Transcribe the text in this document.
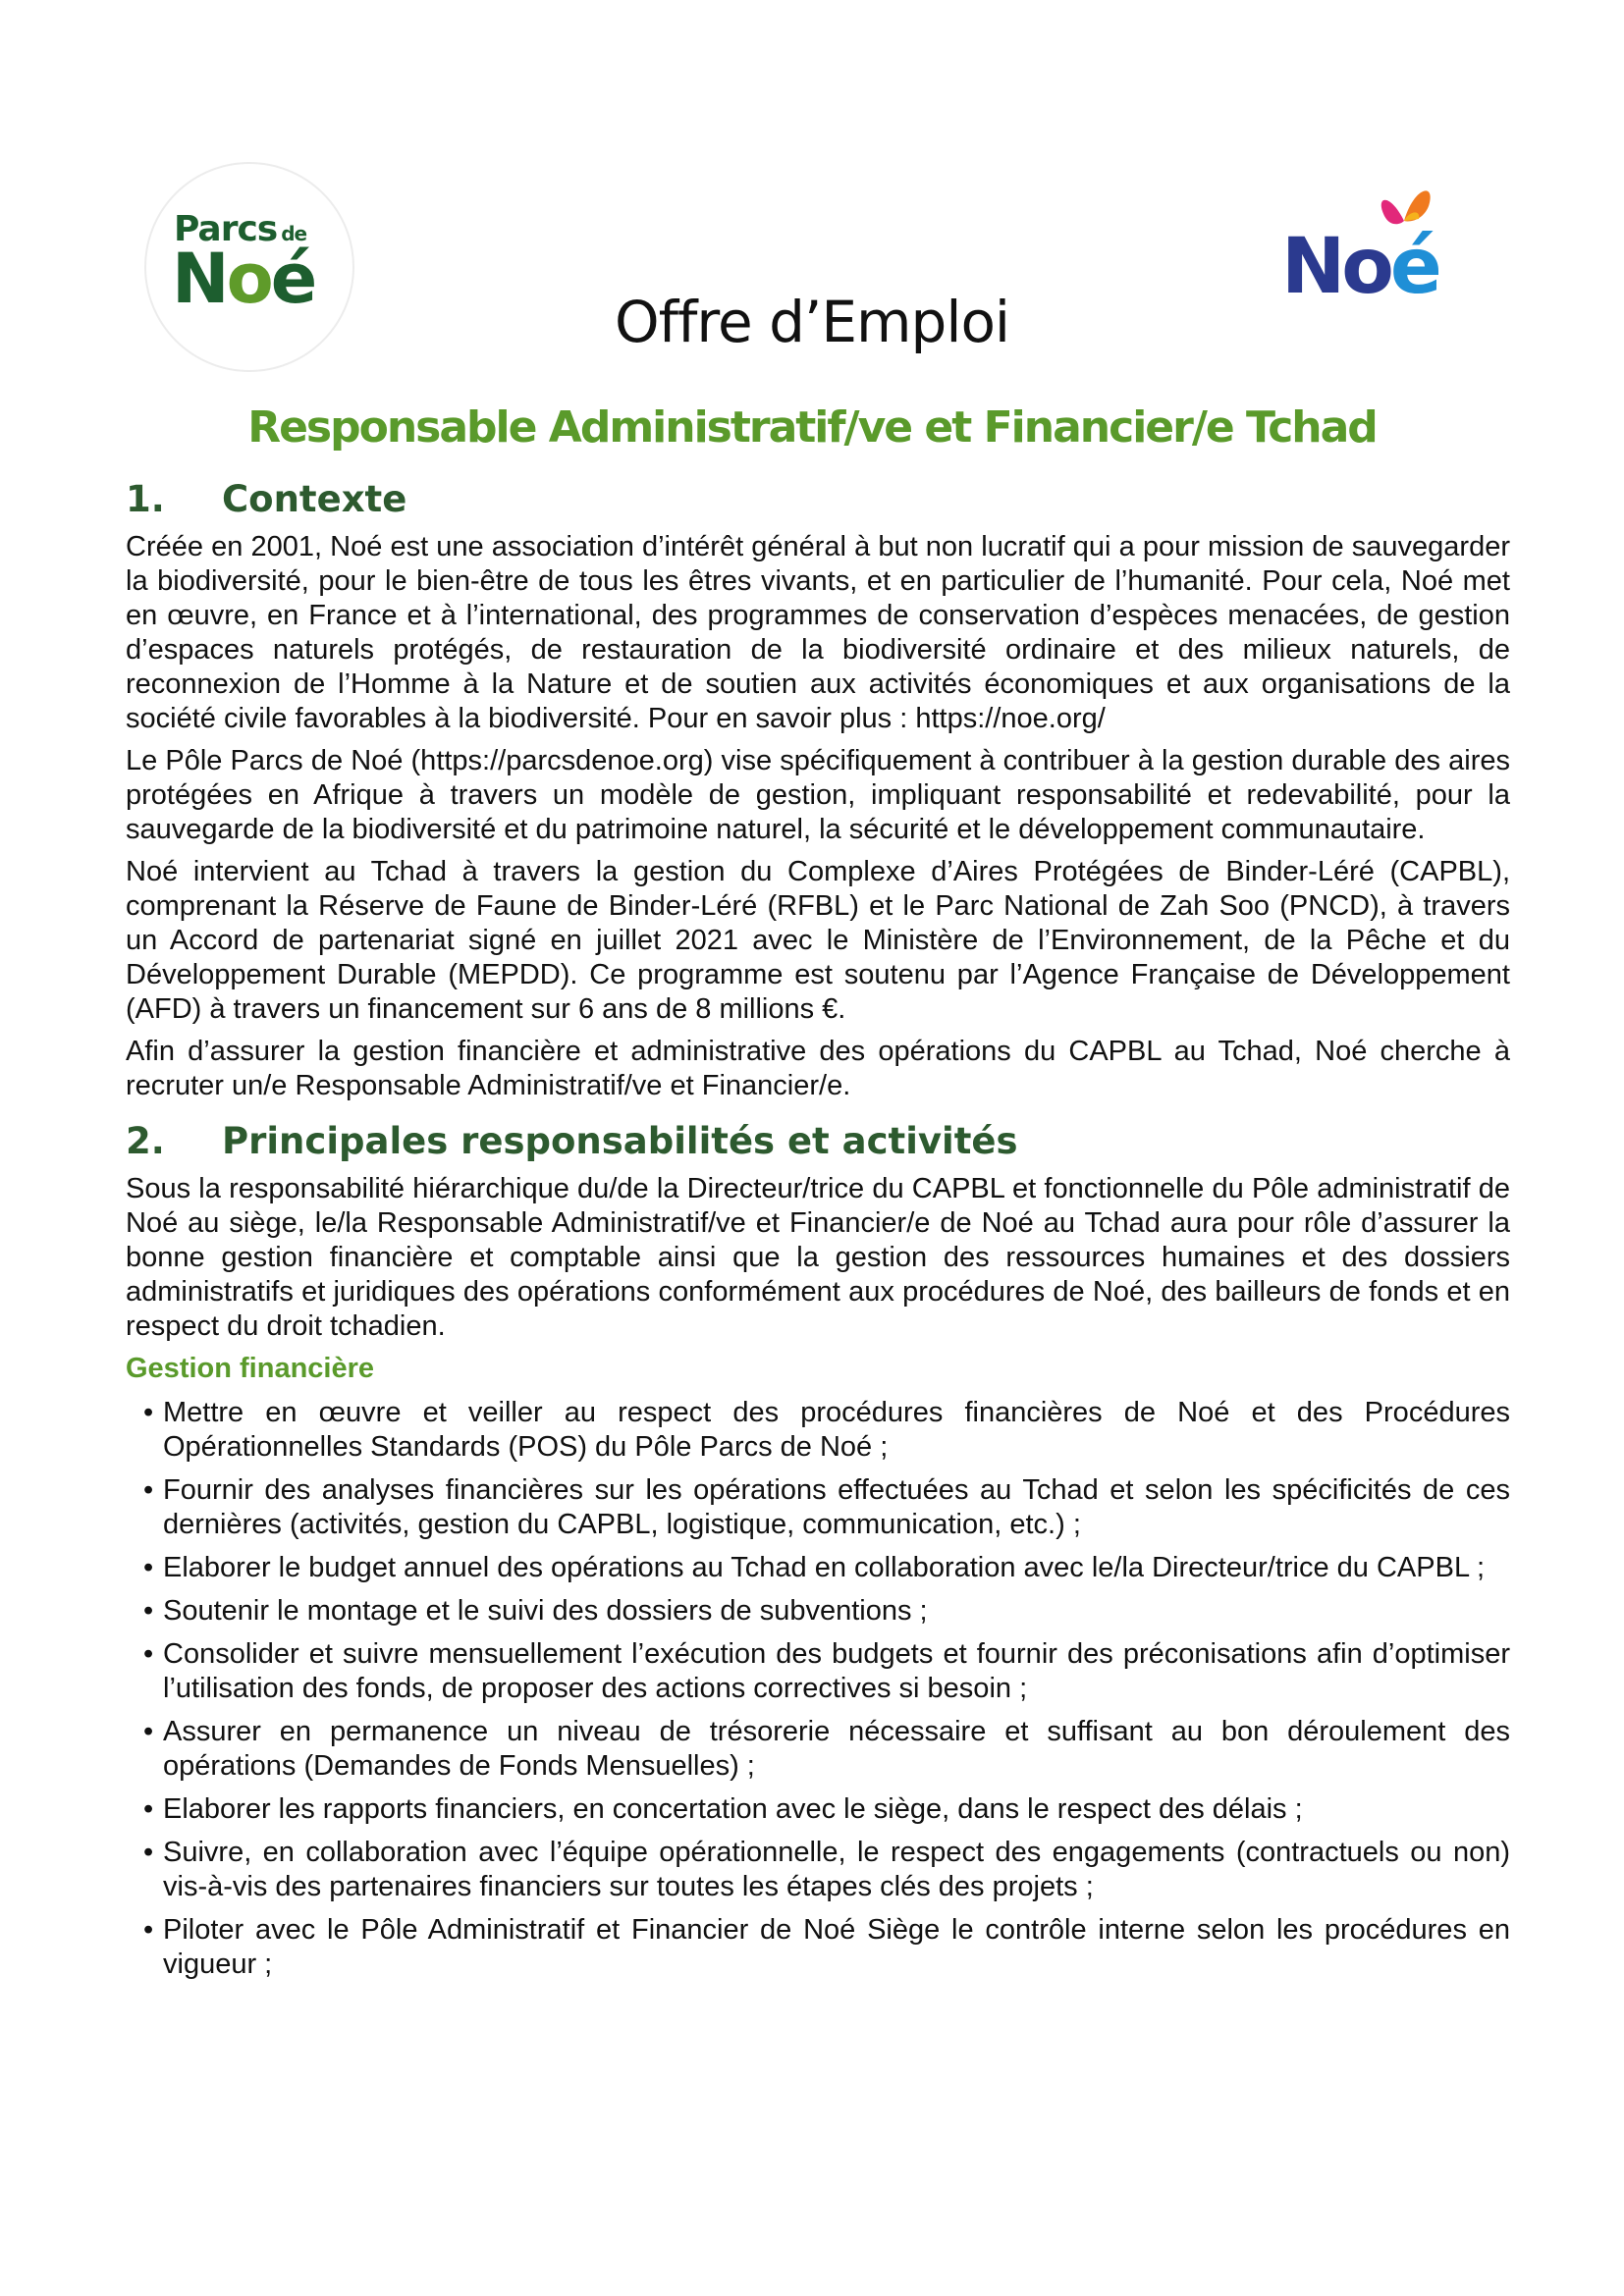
Parcs de
Noé	Noé
Offre d’Emploi
Responsable Administratif/ve et Financier/e Tchad
1. Contexte

Créée en 2001, Noé est une association d’intérêt général à but non lucratif qui a pour mission de sauvegarder la biodiversité, pour le bien-être de tous les êtres vivants, et en particulier de l’humanité. Pour cela, Noé met en œuvre, en France et à l’international, des programmes de conservation d’espèces menacées, de gestion d’espaces naturels protégés, de restauration de la biodiversité ordinaire et des milieux naturels, de reconnexion de l’Homme à la Nature et de soutien aux activités économiques et aux organisations de la société civile favorables à la biodiversité. Pour en savoir plus : https://noe.org/

Le Pôle Parcs de Noé (https://parcsdenoe.org) vise spécifiquement à contribuer à la gestion durable des aires protégées en Afrique à travers un modèle de gestion, impliquant responsabilité et redevabilité, pour la sauvegarde de la biodiversité et du patrimoine naturel, la sécurité et le développement communautaire.

Noé intervient au Tchad à travers la gestion du Complexe d’Aires Protégées de Binder-Léré (CAPBL), comprenant la Réserve de Faune de Binder-Léré (RFBL) et le Parc National de Zah Soo (PNCD), à travers un Accord de partenariat signé en juillet 2021 avec le Ministère de l’Environnement, de la Pêche et du Développement Durable (MEPDD). Ce programme est soutenu par l’Agence Française de Développement (AFD) à travers un financement sur 6 ans de 8 millions €.

Afin d’assurer la gestion financière et administrative des opérations du CAPBL au Tchad, Noé cherche à recruter un/e Responsable Administratif/ve et Financier/e.

2. Principales responsabilités et activités

Sous la responsabilité hiérarchique du/de la Directeur/trice du CAPBL et fonctionnelle du Pôle administratif de Noé au siège, le/la Responsable Administratif/ve et Financier/e de Noé au Tchad aura pour rôle d’assurer la bonne gestion financière et comptable ainsi que la gestion des ressources humaines et des dossiers administratifs et juridiques des opérations conformément aux procédures de Noé, des bailleurs de fonds et en respect du droit tchadien.

Gestion financière
• Mettre en œuvre et veiller au respect des procédures financières de Noé et des Procédures Opérationnelles Standards (POS) du Pôle Parcs de Noé ;
• Fournir des analyses financières sur les opérations effectuées au Tchad et selon les spécificités de ces dernières (activités, gestion du CAPBL, logistique, communication, etc.) ;
• Elaborer le budget annuel des opérations au Tchad en collaboration avec le/la Directeur/trice du CAPBL ;
• Soutenir le montage et le suivi des dossiers de subventions ;
• Consolider et suivre mensuellement l’exécution des budgets et fournir des préconisations afin d’optimiser l’utilisation des fonds, de proposer des actions correctives si besoin ;
• Assurer en permanence un niveau de trésorerie nécessaire et suffisant au bon déroulement des opérations (Demandes de Fonds Mensuelles) ;
• Elaborer les rapports financiers, en concertation avec le siège, dans le respect des délais ;
• Suivre, en collaboration avec l’équipe opérationnelle, le respect des engagements (contractuels ou non) vis-à-vis des partenaires financiers sur toutes les étapes clés des projets ;
• Piloter avec le Pôle Administratif et Financier de Noé Siège le contrôle interne selon les procédures en vigueur ;
